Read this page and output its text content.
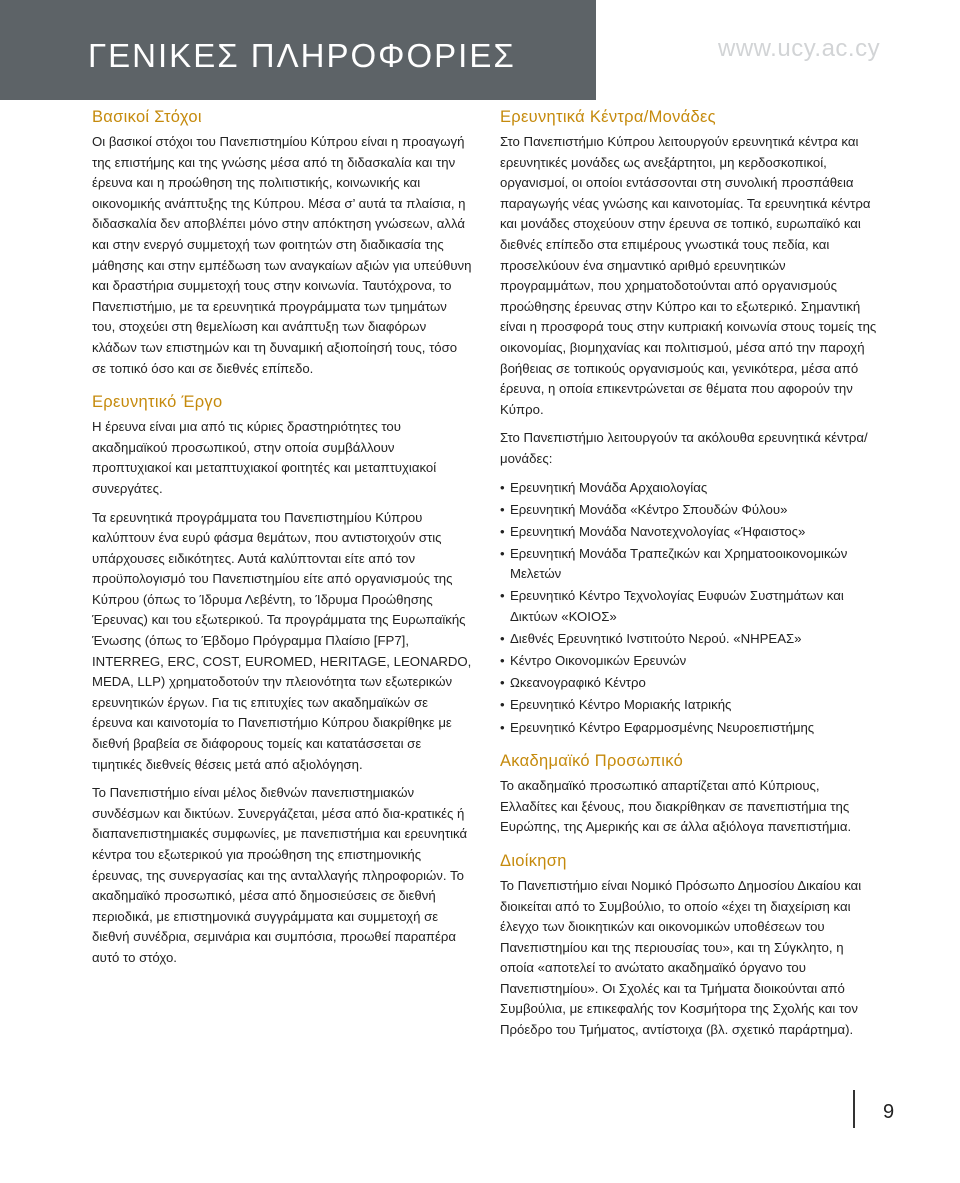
ΓΕΝΙΚΕΣ ΠΛΗΡΟΦΟΡΙΕΣ	www.ucy.ac.cy
Βασικοί Στόχοι

Οι βασικοί στόχοι του Πανεπιστημίου Κύπρου είναι η προαγωγή της επιστήμης και της γνώσης μέσα από τη διδασκαλία και την έρευνα και η προώθηση της πολιτιστικής, κοινωνικής και οικονομικής ανάπτυξης της Κύπρου. Μέσα σ’ αυτά τα πλαίσια, η διδασκαλία δεν αποβλέπει μόνο στην απόκτηση γνώσεων, αλλά και στην ενεργό συμμετοχή των φοιτητών στη διαδικασία της μάθησης και στην εμπέδωση των αναγκαίων αξιών για υπεύθυνη και δραστήρια συμμετοχή τους στην κοινωνία. Ταυτόχρονα, το Πανεπιστήμιο, με τα ερευνητικά προγράμματα των τμημάτων του, στοχεύει στη θεμελίωση και ανάπτυξη των διαφόρων κλάδων των επιστημών και τη δυναμική αξιοποίησή τους, τόσο σε τοπικό όσο και σε διεθνές επίπεδο.

Ερευνητικό Έργο

Η έρευνα είναι μια από τις κύριες δραστηριότητες του ακαδημαϊκού προσωπικού, στην οποία συμβάλλουν προπτυχιακοί και μεταπτυχιακοί φοιτητές και μεταπτυχιακοί συνεργάτες.

Τα ερευνητικά προγράμματα του Πανεπιστημίου Κύπρου καλύπτουν ένα ευρύ φάσμα θεμάτων, που αντιστοιχούν στις υπάρχουσες ειδικότητες. Αυτά καλύπτονται είτε από τον προϋπολογισμό του Πανεπιστημίου είτε από οργανισμούς της Κύπρου (όπως το Ίδρυμα Λεβέντη, το Ίδρυμα Προώθησης Έρευνας) και του εξωτερικού. Τα προγράμματα της Ευρωπαϊκής Ένωσης (όπως το Έβδομο Πρόγραμμα Πλαίσιο [FP7], INTERREG, ERC, COST, EUROMED, HERITAGE, LEONARDO, MEDA, LLP) χρηματοδοτούν την πλειονότητα των εξωτερικών ερευνητικών έργων. Για τις επιτυχίες των ακαδημαϊκών σε έρευνα και καινοτομία το Πανεπιστήμιο Κύπρου διακρίθηκε με διεθνή βραβεία σε διάφορους τομείς και κατατάσσεται σε τιμητικές διεθνείς θέσεις μετά από αξιολόγηση.

Το Πανεπιστήμιο είναι μέλος διεθνών πανεπιστημιακών συνδέσμων και δικτύων. Συνεργάζεται, μέσα από δια-κρατικές ή διαπανεπιστημιακές συμφωνίες, με πανεπιστήμια και ερευνητικά κέντρα του εξωτερικού για προώθηση της επιστημονικής έρευνας, της συνεργασίας και της ανταλλαγής πληροφοριών. Το ακαδημαϊκό προσωπικό, μέσα από δημοσιεύσεις σε διεθνή περιοδικά, με επιστημονικά συγγράμματα και συμμετοχή σε διεθνή συνέδρια, σεμινάρια και συμπόσια, προωθεί παραπέρα αυτό το στόχο.

Ερευνητικά Κέντρα/Μονάδες

Στο Πανεπιστήμιο Κύπρου λειτουργούν ερευνητικά κέντρα και ερευνητικές μονάδες ως ανεξάρτητοι, μη κερδοσκοπικοί, οργανισμοί, οι οποίοι εντάσσονται στη συνολική προσπάθεια παραγωγής νέας γνώσης και καινοτομίας. Τα ερευνητικά κέντρα και μονάδες στοχεύουν στην έρευνα σε τοπικό, ευρωπαϊκό και διεθνές επίπεδο στα επιμέρους γνωστικά τους πεδία, και προσελκύουν ένα σημαντικό αριθμό ερευνητικών προγραμμάτων, που χρηματοδοτούνται από οργανισμούς προώθησης έρευνας στην Κύπρο και το εξωτερικό. Σημαντική είναι η προσφορά τους στην κυπριακή κοινωνία στους τομείς της οικονομίας, βιομηχανίας και πολιτισμού, μέσα από την παροχή βοήθειας σε τοπικούς οργανισμούς και, γενικότερα, μέσα από έρευνα, η οποία επικεντρώνεται σε θέματα που αφορούν την Κύπρο.

Στο Πανεπιστήμιο λειτουργούν τα ακόλουθα ερευνητικά κέντρα/μονάδες:

• Ερευνητική Μονάδα Αρχαιολογίας
• Ερευνητική Μονάδα «Κέντρο Σπουδών Φύλου»
• Ερευνητική Μονάδα Νανοτεχνολογίας «Ήφαιστος»
• Ερευνητική Μονάδα Τραπεζικών και Χρηματοοικονομικών Μελετών
• Ερευνητικό Κέντρο Τεχνολογίας Ευφυών Συστημάτων και Δικτύων «ΚΟΙΟΣ»
• Διεθνές Ερευνητικό Ινστιτούτο Νερού. «ΝΗΡΕΑΣ»
• Κέντρο Οικονομικών Ερευνών
• Ωκεανογραφικό Κέντρο
• Ερευνητικό Κέντρο Μοριακής Ιατρικής
• Ερευνητικό Κέντρο Εφαρμοσμένης Νευροεπιστήμης
Ακαδημαϊκό Προσωπικό

Το ακαδημαϊκό προσωπικό απαρτίζεται από Κύπριους, Ελλαδίτες και ξένους, που διακρίθηκαν σε πανεπιστήμια της Ευρώπης, της Αμερικής και σε άλλα αξιόλογα πανεπιστήμια.

Διοίκηση

Το Πανεπιστήμιο είναι Νομικό Πρόσωπο Δημοσίου Δικαίου και διοικείται από το Συμβούλιο, το οποίο «έχει τη διαχείριση και έλεγχο των διοικητικών και οικονομικών υποθέσεων του Πανεπιστημίου και της περιουσίας του», και τη Σύγκλητο, η οποία «αποτελεί το ανώτατο ακαδημαϊκό όργανο του Πανεπιστημίου». Οι Σχολές και τα Τμήματα διοικούνται από Συμβούλια, με επικεφαλής τον Κοσμήτορα της Σχολής και τον Πρόεδρο του Τμήματος, αντίστοιχα (βλ. σχετικό παράρτημα).

9
